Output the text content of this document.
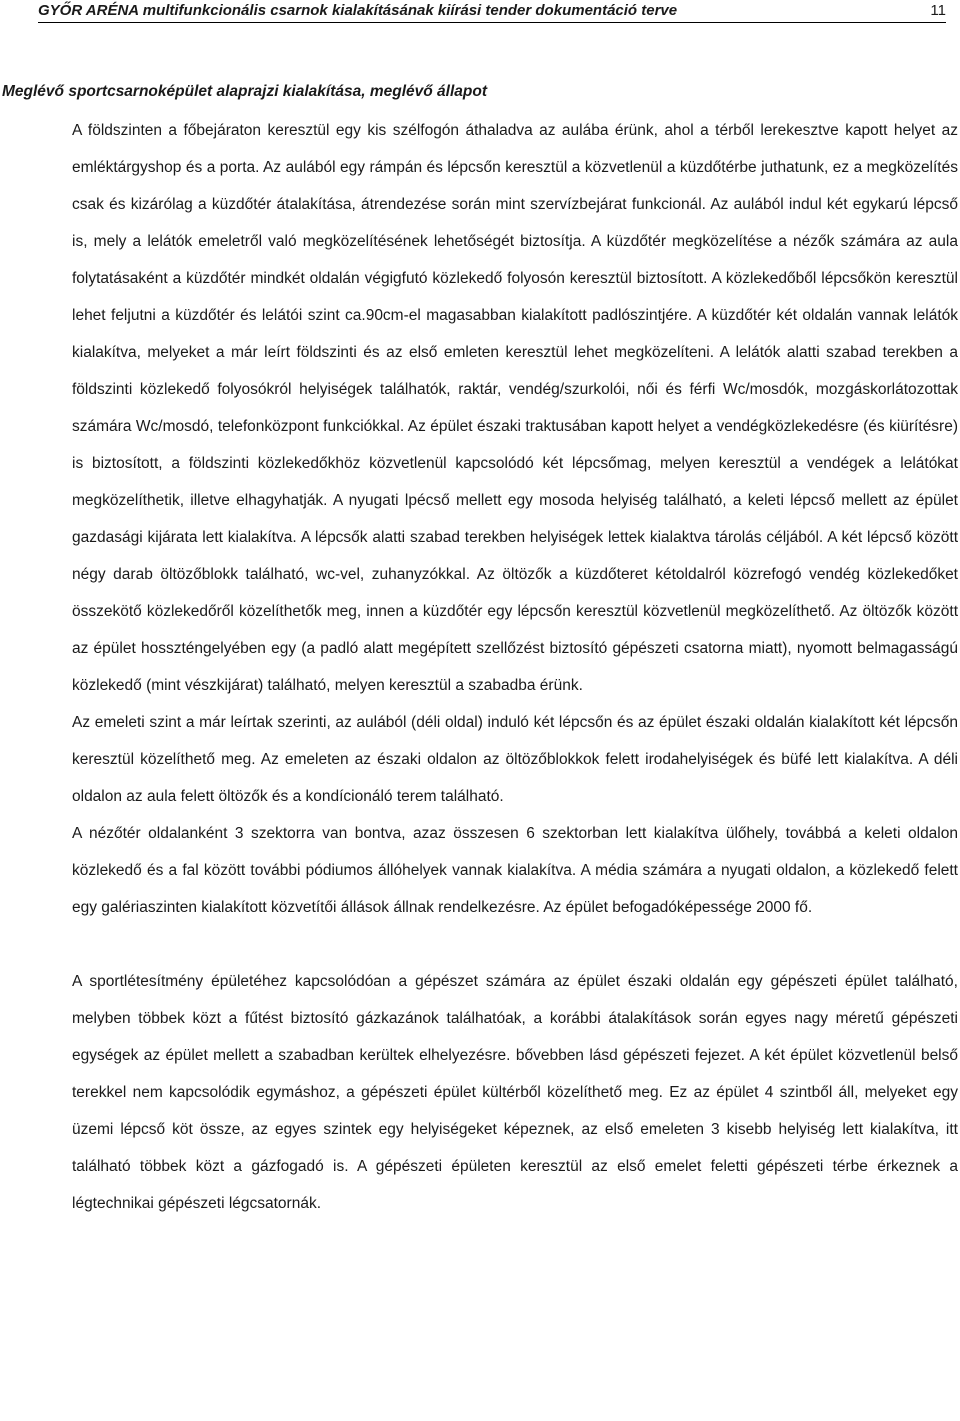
GYŐR ARÉNA multifunkcionális csarnok kialakításának kiírási tender dokumentáció terve	11
Meglévő sportcsarnoképület alaprajzi kialakítása, meglévő állapot

A földszinten a főbejáraton keresztül egy kis szélfogón áthaladva az aulába érünk, ahol a térből lerekesztve kapott helyet az emléktárgyshop és a porta. Az aulából egy rámpán és lépcsőn keresztül a közvetlenül a küzdőtérbe juthatunk, ez a megközelítés csak és kizárólag a küzdőtér átalakítása, átrendezése során mint szervízbejárat funkcionál. Az aulából indul két egykarú lépcső is, mely a lelátók emeletről való megközelítésének lehetőségét biztosítja. A küzdőtér megközelítése a nézők számára az aula folytatásaként a küzdőtér mindkét oldalán végigfutó közlekedő folyosón keresztül biztosított. A közlekedőből lépcsőkön keresztül lehet feljutni a küzdőtér és lelátói szint ca.90cm-el magasabban kialakított padlószintjére. A küzdőtér két oldalán vannak lelátók kialakítva, melyeket a már leírt földszinti és az első emleten keresztül lehet megközelíteni. A lelátók alatti szabad terekben a földszinti közlekedő folyosókról helyiségek találhatók, raktár, vendég/szurkolói, női és férfi Wc/mosdók, mozgáskorlátozottak számára Wc/mosdó, telefonközpont funkciókkal. Az épület északi traktusában kapott helyet a vendégközlekedésre (és kiürítésre) is biztosított, a földszinti közlekedőkhöz közvetlenül kapcsolódó két lépcsőmag, melyen keresztül a vendégek a lelátókat megközelíthetik, illetve elhagyhatják. A nyugati lpécső mellett egy mosoda helyiség található, a keleti lépcső mellett az épület gazdasági kijárata lett kialakítva. A lépcsők alatti szabad terekben helyiségek lettek kialaktva tárolás céljából. A két lépcső között négy darab öltözőblokk található, wc-vel, zuhanyzókkal. Az öltözők a küzdőteret kétoldalról közrefogó vendég közlekedőket összekötő közlekedőről közelíthetők meg, innen a küzdőtér egy lépcsőn keresztül közvetlenül megközelíthető. Az öltözők között az épület hosszténgelyében egy (a padló alatt megépített szellőzést biztosító gépészeti csatorna miatt), nyomott belmagasságú közlekedő (mint vészkijárat) található, melyen keresztül a szabadba érünk.

Az emeleti szint a már leírtak szerinti, az aulából (déli oldal) induló két lépcsőn és az épület északi oldalán kialakított két lépcsőn keresztül közelíthető meg. Az emeleten az északi oldalon az öltözőblokkok felett irodahelyiségek és büfé lett kialakítva. A déli oldalon az aula felett öltözők és a kondícionáló terem található.

A nézőtér oldalanként 3 szektorra van bontva, azaz összesen 6 szektorban lett kialakítva ülőhely, továbbá a keleti oldalon közlekedő és a fal között további pódiumos állóhelyek vannak kialakítva. A média számára a nyugati oldalon, a közlekedő felett egy galériaszinten kialakított közvetítői állások állnak rendelkezésre. Az épület befogadóképessége 2000 fő.

A sportlétesítmény épületéhez kapcsolódóan a gépészet számára az épület északi oldalán egy gépészeti épület található, melyben többek közt a fűtést biztosító gázkazánok találhatóak, a korábbi átalakítások során egyes nagy méretű gépészeti egységek az épület mellett a szabadban kerültek elhelyezésre. bővebben lásd gépészeti fejezet. A két épület közvetlenül belső terekkel nem kapcsolódik egymáshoz, a gépészeti épület kültérből közelíthető meg. Ez az épület 4 szintből áll, melyeket egy üzemi lépcső köt össze, az egyes szintek egy helyiségeket képeznek, az első emeleten 3 kisebb helyiség lett kialakítva, itt található többek közt a gázfogadó is. A gépészeti épületen keresztül az első emelet feletti gépészeti térbe érkeznek a légtechnikai gépészeti légcsatornák.
